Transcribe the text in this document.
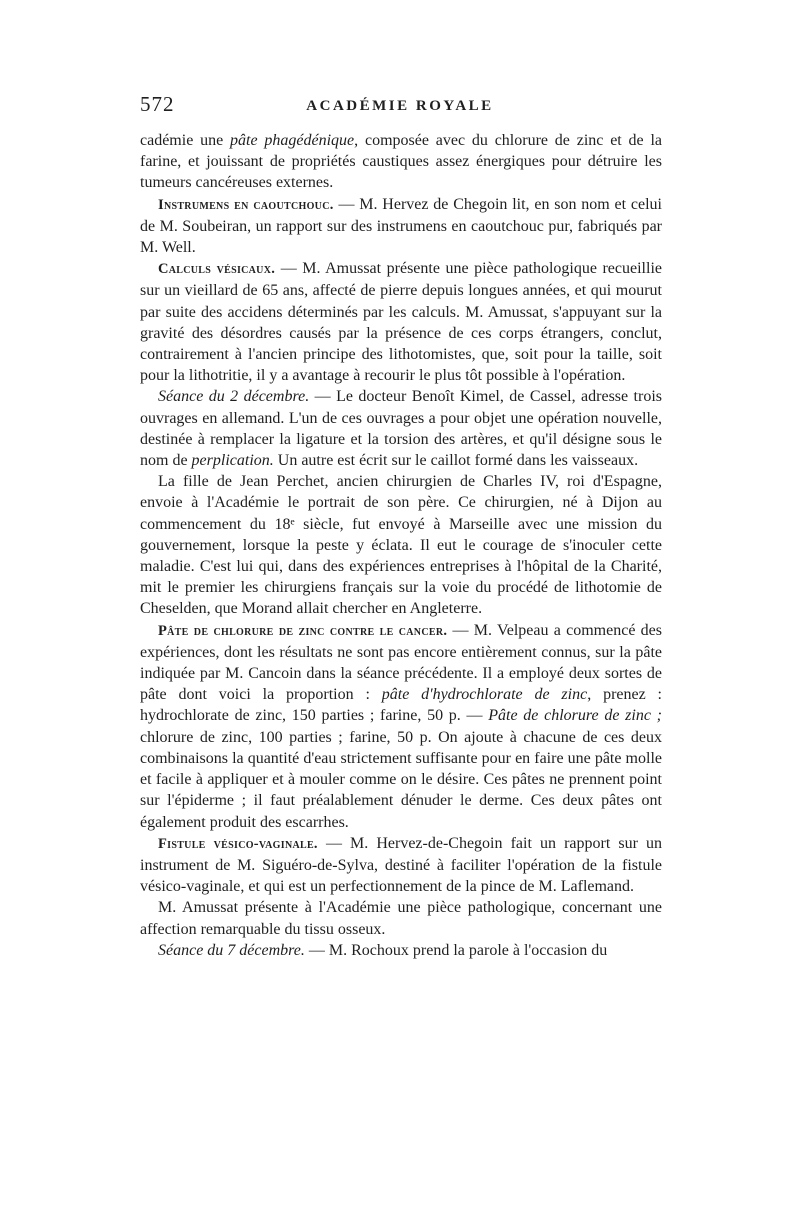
572	ACADÉMIE ROYALE

cadémie une pâte phagédénique, composée avec du chlorure de zinc et de la farine, et jouissant de propriétés caustiques assez énergiques pour détruire les tumeurs cancéreuses externes.

Instrumens en caoutchouc. — M. Hervez de Chegoin lit, en son nom et celui de M. Soubeiran, un rapport sur des instrumens en caoutchouc pur, fabriqués par M. Well.

Calculs vésicaux. — M. Amussat présente une pièce pathologique recueillie sur un vieillard de 65 ans, affecté de pierre depuis longues années, et qui mourut par suite des accidens déterminés par les calculs. M. Amussat, s'appuyant sur la gravité des désordres causés par la présence de ces corps étrangers, conclut, contrairement à l'ancien principe des lithotomistes, que, soit pour la taille, soit pour la lithotritie, il y a avantage à recourir le plus tôt possible à l'opération.

Séance du 2 décembre. — Le docteur Benoît Kimel, de Cassel, adresse trois ouvrages en allemand. L'un de ces ouvrages a pour objet une opération nouvelle, destinée à remplacer la ligature et la torsion des artères, et qu'il désigne sous le nom de perplication. Un autre est écrit sur le caillot formé dans les vaisseaux.

La fille de Jean Perchet, ancien chirurgien de Charles IV, roi d'Espagne, envoie à l'Académie le portrait de son père. Ce chirurgien, né à Dijon au commencement du 18ᵉ siècle, fut envoyé à Marseille avec une mission du gouvernement, lorsque la peste y éclata. Il eut le courage de s'inoculer cette maladie. C'est lui qui, dans des expériences entreprises à l'hôpital de la Charité, mit le premier les chirurgiens français sur la voie du procédé de lithotomie de Cheselden, que Morand allait chercher en Angleterre.

Pâte de chlorure de zinc contre le cancer. — M. Velpeau a commencé des expériences, dont les résultats ne sont pas encore entièrement connus, sur la pâte indiquée par M. Cancoin dans la séance précédente. Il a employé deux sortes de pâte dont voici la proportion : pâte d'hydrochlorate de zinc, prenez : hydrochlorate de zinc, 150 parties ; farine, 50 p. — Pâte de chlorure de zinc ; chlorure de zinc, 100 parties ; farine, 50 p. On ajoute à chacune de ces deux combinaisons la quantité d'eau strictement suffisante pour en faire une pâte molle et facile à appliquer et à mouler comme on le désire. Ces pâtes ne prennent point sur l'épiderme ; il faut préalablement dénuder le derme. Ces deux pâtes ont également produit des escarrhes.

Fistule vésico-vaginale. — M. Hervez-de-Chegoin fait un rapport sur un instrument de M. Siguéro-de-Sylva, destiné à faciliter l'opération de la fistule vésico-vaginale, et qui est un perfectionnement de la pince de M. Laflemand.

M. Amussat présente à l'Académie une pièce pathologique, concernant une affection remarquable du tissu osseux.

Séance du 7 décembre. — M. Rochoux prend la parole à l'occasion du
